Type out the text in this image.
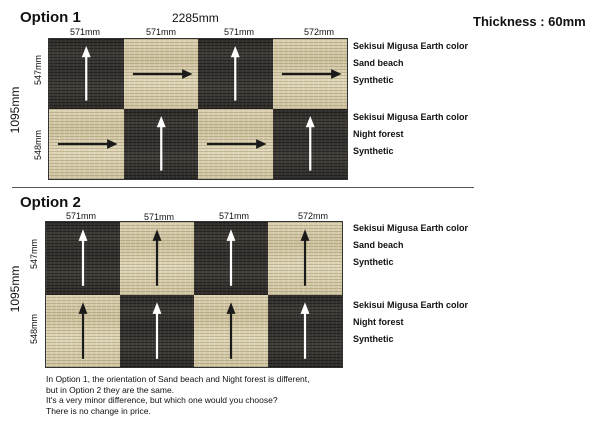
Thickness : 60mm
Option 1	2285mm
571mm	571mm	571mm	572mm
1095mm
547mm
548mm
Sekisui Migusa Earth color
Sand beach
Synthetic
Sekisui Migusa Earth color
Night forest
Synthetic
Option 2
571mm	571mm	571mm	572mm
1095mm
547mm
548mm
Sekisui Migusa Earth color
Sand beach
Synthetic
Sekisui Migusa Earth color
Night forest
Synthetic
In Option 1, the orientation of Sand beach and Night forest is different,
but in Option 2 they are the same.
It's a very minor difference, but which one would you choose?
There is no change in price.
